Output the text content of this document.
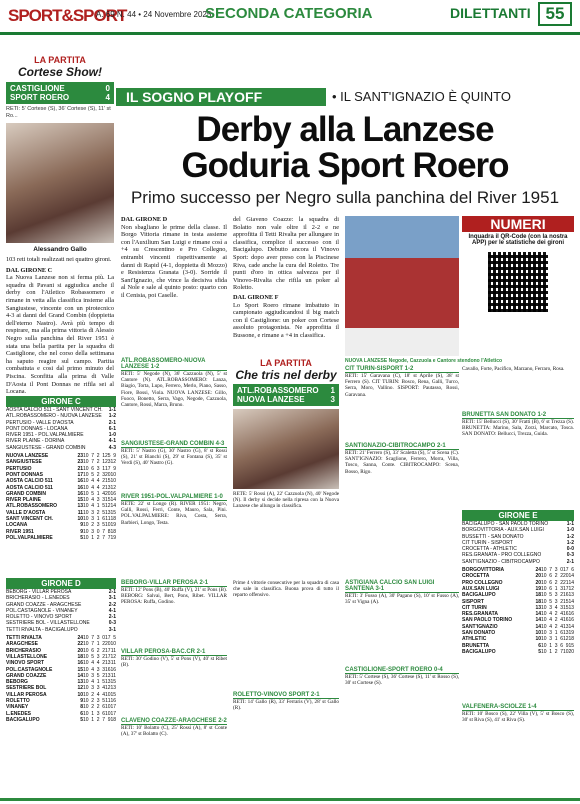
SPORT&SPORT
A. 69 N. 44 • 24 Novembre 2025
SECONDA CATEGORIA	DILETTANTI 55
LA PARTITA
Cortese Show!
CASTIGLIONE	0
SPORT ROERO	4
RETI: 5' Cortese (S), 36' Cortese (S), 11' st Ro...
Alessandro Gallo
103 reti totali realizzati nei quattro gironi.
DAL GIRONE C
La Nuova Lanzese non si ferma più. La squadra di Pavani si aggiudica anche il derby con l'Atletico Robassomero e rimane in vetta alla classifica insieme alla Sangiustese, vincente con un pirotecnico 4-3 ai danni del Grand Combin (doppietta dell'eterno Nastro). Avrà più tempo di respirare, ma alla prima vittoria di Alessio Negro sulla panchina del River 1951 è stata una bella partita per la squadra di Castiglione, che nel corso della settimana ha saputo reagire sul campo. Partita combattuta e cosi dal primo minuto del Piscina. Sconfitta alla prima di Valle D'Aosta il Pont Donnas ne rifila sei al Locana.
IL SOGNO PLAYOFF	• IL SANT'IGNAZIO È QUINTO
Derby alla Lanzese
Goduria Sport Roero
Primo successo per Negro sulla panchina del River 1951
DAL GIRONE D
Non sbagliano le prime della classe. Il Borgo Vittoria rimane in testa assieme con l'Auxilium San Luigi e rimane così a +4 su Crescentino e Pro Collegno, entrambi vincenti rispettivamente ai danni di Rapid (4-1, doppietta di Mozzo) e Resistenza Granata (3-0). Sorride il Sant'Ignazio, che vince la decisiva sfida al Nole e sale al quinto posto: quarto con il Cenisia, poi Caselle.
del Giaveno Coazze: la squadra di Bolatto non vale oltre il 2-2 e ne approfitta il Tetti Rivalta per allungare in classifica, complice il successo con il Bacigalupo. Debutto ancora il Vinovo Sport: dopo aver preso con la Piscinese Riva, cade anche la cura del Roletto. Tre punti d'oro in ottica salvezza per il Vinovo-Rivalta che rifila un poker al Roletto.
DAL GIRONE F
Lo Sport Roero rimane imbattuto in campionato aggiudicandosi il big match con il Castiglione: un poker con Cortese assoluto protagonista. Ne approfitta il Bussone, e rimane a +4 in classifica.
NUOVA LANZESE Negode, Cazzuola e Cantore stendono l'Atletico
NUMERI
Inquadra il QR-Code (con la nostra APP) per le statistiche dei gironi
GIRONE C
AOSTA CALCIO 511 - SANT VINCENT CH. 1-1
ATL.ROBASSOMERO - NUOVA LANZESE 1-2
PERTUSIO - VALLE D'AOSTA	2-1
PONT DONNAS - LOCANA	6-1
RIVER 1951 - POL.VALPALMIERE	1-0
RIVER PLAINE - DORINA	4-1
SANGIUSTESE - GRAND COMBIN	4-3
NUOVA LANZESE	23 10 7 2 1 25 9
SANGIUSTESE	23 10 7 2 1 23 12
PERTUSIO	21 10 6 3 1 17 9
PONT DONNAS	17 10 5 2 3 20 10
AOSTA CALCIO 511	16 10 4 4 2 15 10
AOSTA CALCIO 511	16 10 4 4 2 13 12
GRAND COMBIN	16 10 5 1 4 20 16
RIVER PLAINE	15 10 4 3 3 15 14
ATL.ROBASSOMERO	13 10 4 1 5 12 14
VALLE D'AOSTA	11 10 3 2 5 13 15
SANT VINCENT CH.	10 10 3 1 6 11 18
LOCANA	9 10 2 3 5 10 19
RIVER 1951	9 10 3 0 7 8 18
POL.VALPALMIERE	5 10 1 2 7 7 19
ATL.ROBASSOMERO-NUOVA LANZESE 1-2
RETI: 5' Negode (N), 36' Cazzuola (N), 5' st Cantore (N). ATL.ROBASSOMERO: Lanza, Biagio, Torta, Lupo, Ferrero, Merlo, Piano, Sasso, Fiore, Bossi, Viola. NUOVA LANZESE: Gillo, Fuoco, Bonetto, Serra, Vago, Negode, Cazzuola, Cantore, Rossi, Marra, Bruno.
SANGIUSTESE-GRAND COMBIN 4-3
RETI: 5' Nastro (G), 30' Nastro (G), 8' st Rossi (S), 21' st Bianchi (S), 29' st Fontana (S), 35' st Verdi (S), 40' Nastro (G).
RIVER 1951-POL.VALPALMIERE 1-0
RETE: 22' st Longo (R). RIVER 1951: Negro, Galli, Rossi, Ferri, Conte, Mauro, Sala, Pini. POL.VALPALMIERE: Riva, Costa, Serra, Barbieri, Longo, Testa.
LA PARTITA
Che tris nel derby
ATL.ROBASSOMERO 1
NUOVA LANZESE	3
RETE: 5' Rossi (A), 22' Cazzuola (N), 40' Negode (N). Il derby si decide nella ripresa con la Nuova Lanzese che allunga in classifica.
CIT TURIN-SISPORT 1-2
RETI: 15' Garavana (C), 18' st Aprile (S), 38' st Ferrero (S). CIT TURIN: Bosco, Rena, Galli, Turco, Serra, Moro, Vallino. SISPORT: Pautasso, Rossi, Garavana.
SANTIGNAZIO-CIBITROCAMPO 2-1
RETI: 21' Ferrero (S), 33' Scaletta (S), 5' st Scena (C). SANT'IGNAZIO: Scaglione, Ferrero, Morra, Villa, Tosco, Sanna, Conte. CIBITROCAMPO: Scena, Bosso, Rigo.
Cavallo, Forte, Pacifico, Marzano, Ferraro, Rosa.
BRUNETTA SAN DONATO 1-2
RETI: 15' Bellucci (S), 30' Fratti (B), 6' st Trezza (S). BRUNETTA: Marino, Sala, Zorzi, Marcato, Tosca. SAN DONATO: Bellucci, Trezza, Guida.
GIRONE E
BACIGALUPO - SAN PAOLO TORINO	1-1
BORGOVITTORIA - AUX.SAN LUIGI	1-0
BUSSETTI - SAN DONATO	1-2
CIT TURIN - SISPORT	1-2
CROCETTA - ATHLETIC	0-0
RES.GRANATA - PRO COLLEGNO	0-3
SANT'IGNAZIO - CIBITROCAMPO	2-1
BORGOVITTORIA	24 10 7 3 0 17 6
CROCETTA	20 10 6 2 2 20 14
PRO COLLEGNO	20 10 6 2 2 21 14
AUX.SAN LUIGI	19 10 6 1 3 17 12
BACIGALUPO	18 10 5 3 2 16 13
SISPORT	18 10 5 3 2 15 14
CIT TURIN	13 10 3 4 3 15 13
RES.GRANATA	14 10 4 2 4 16 16
SAN PAOLO TORINO	14 10 4 2 4 16 16
SANT'IGNAZIO	14 10 4 2 4 13 14
SAN DONATO	10 10 3 1 6 13 19
ATHLETIC	10 10 3 1 6 12 18
BRUNETTA	6 10 1 3 6 9 15
BACIGALUPO	5 10 1 2 7 10 20
GIRONE D
BEBORG - VILLAR PEROSA	2-1
BRICHERASIO - L.ENEDES	3-1
GRAND COAZZE - ARAGCHESE	2-2
POL.CASTAGNOLE - VINANEY	4-1
ROLETTO - VINOVO SPORT	2-1
SESTRIERE BOL - VILLASTELLONE	0-3
TETTI RIVALTA - BACIGALUPO	3-1
TETTI RIVALTA	24 10 7 3 0 17 5
ARAGCHESE	22 10 7 1 2 20 10
BRICHERASIO	20 10 6 2 2 17 11
VILLASTELLONE	18 10 5 3 2 17 12
VINOVO SPORT	16 10 4 4 2 13 11
POL.CASTAGNOLE	15 10 4 3 3 16 16
GRAND COAZZE	14 10 3 5 2 13 11
BEBORG	13 10 4 1 5 13 15
SESTRIERE BOL	12 10 3 3 4 12 13
VILLAR PEROSA	10 10 2 4 4 10 15
ROLETTO	9 10 2 3 5 11 16
VINANEY	8 10 2 2 6 10 17
L.ENEDES	6 10 1 3 6 10 17
BACIGALUPO	5 10 1 2 7 9 18
BEBORG-VILLAR PEROSA 2-1
RETI: 12' Pons (B), 40' Ruffa (V), 21' st Pons (B). BEBORG: Salvai, Bert, Pons, Ribet. VILLAR PEROSA: Ruffa, Godino.
VILLAR PEROSA-BAC.CR 2-1
RETI: 30' Godino (V), 5' st Pons (V), 40' st Ribet (B).
CLAVENO COAZZE-ARAGCHESE 2-2
RETI: 10' Bolatto (C), 25' Rossi (A), 8' st Conte (A), 37' st Bolatto (C).
Prime 4 vittorie consecutive per la squadra di casa che sale in classifica. Buona prova di tutto il reparto offensivo.
ROLETTO-VINOVO SPORT 2-1
RETI: 14' Gallo (R), 33' Ferraris (V), 28' st Gallo (R).
ASTIGIANA CALCIO SAN LUIGI SANTENA 3-1
RETI: 3' Fusso (A), 30' Pagano (S), 10' st Fusso (A), 35' st Vigna (A).
CASTIGLIONE-SPORT ROERO 0-4
RETI: 5' Cortese (S), 36' Cortese (S), 11' st Rosso (S), 30' st Cortese (S).
VALFENERA-SCIOLZE 1-4
RETI: 10' Bosco (S), 22' Villa (V), 5' st Bosco (S), 30' st Riva (S), 41' st Riva (S).
